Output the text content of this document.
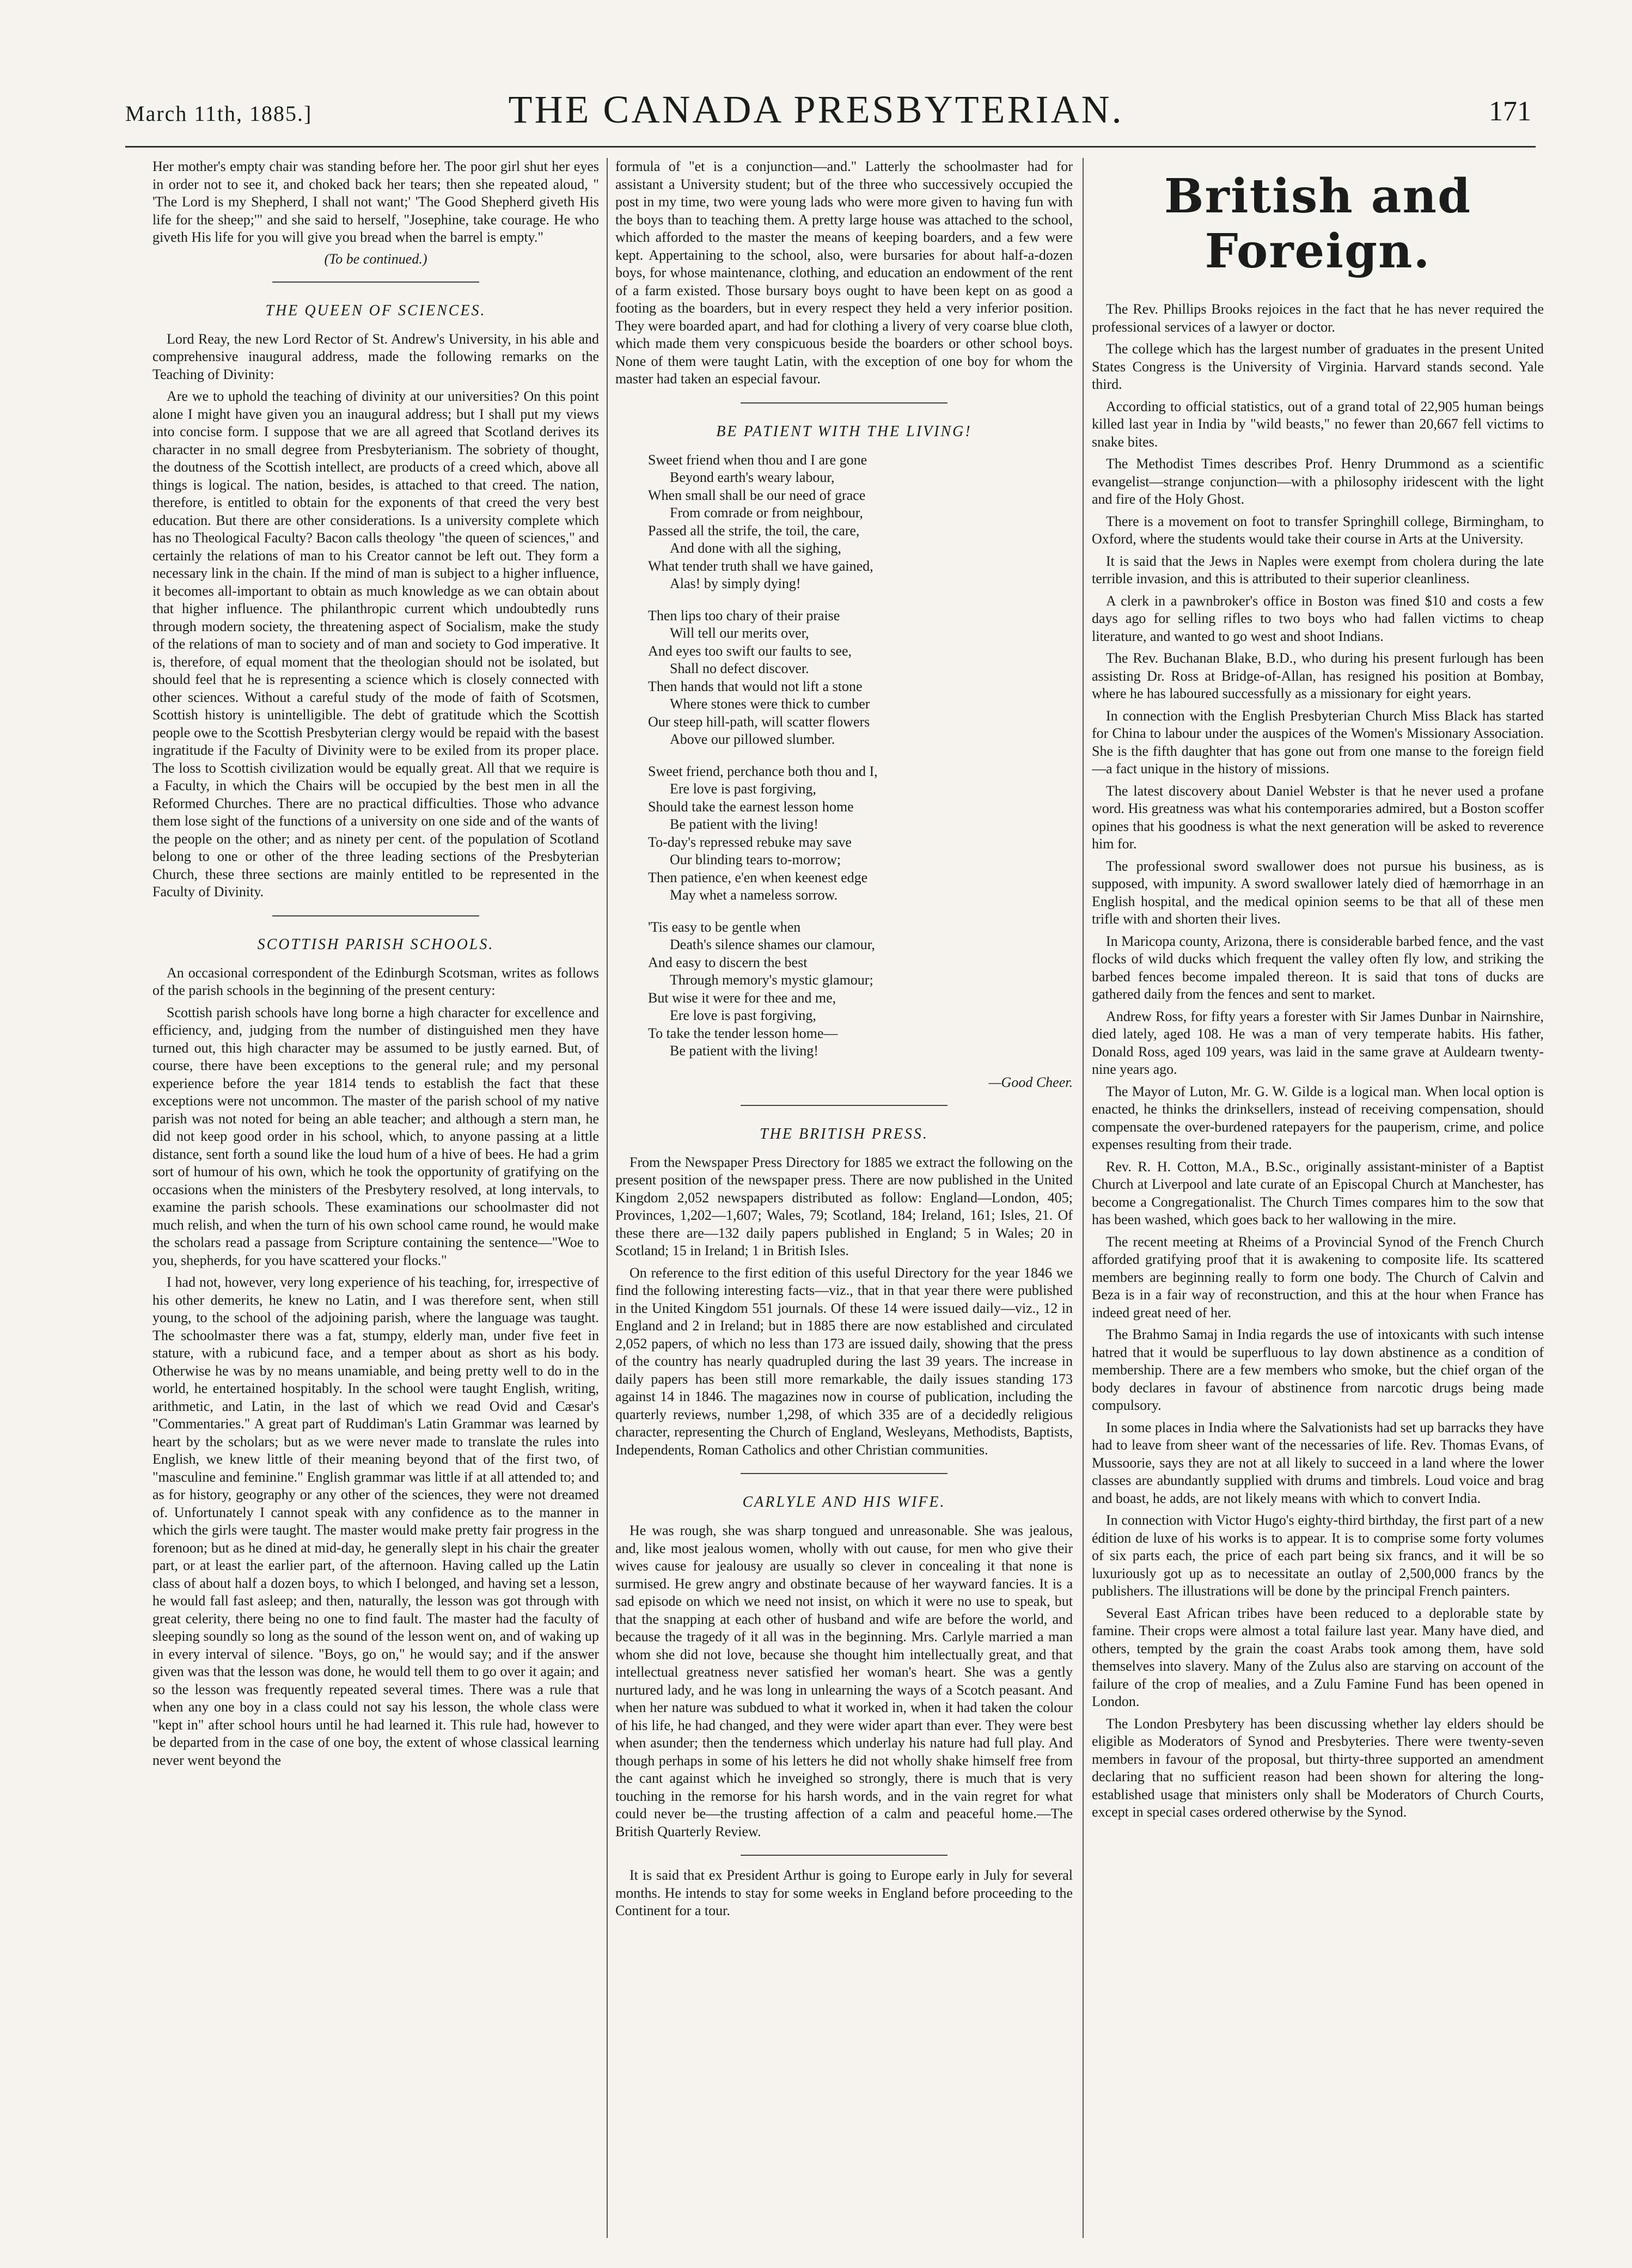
March 11th, 1885.]	THE CANADA PRESBYTERIAN.	171

Her mother's empty chair was standing before her. The poor girl shut her eyes in order not to see it, and choked back her tears; then she repeated aloud, " 'The Lord is my Shepherd, I shall not want;' 'The Good Shepherd giveth His life for the sheep;'" and she said to herself, "Josephine, take courage. He who giveth His life for you will give you bread when the barrel is empty."

(To be continued.)
THE QUEEN OF SCIENCES.

Lord Reay, the new Lord Rector of St. Andrew's University, in his able and comprehensive inaugural address, made the following remarks on the Teaching of Divinity:

Are we to uphold the teaching of divinity at our universities? On this point alone I might have given you an inaugural address; but I shall put my views into concise form. I suppose that we are all agreed that Scotland derives its character in no small degree from Presbyterianism. The sobriety of thought, the doutness of the Scottish intellect, are products of a creed which, above all things is logical. The nation, besides, is attached to that creed. The nation, therefore, is entitled to obtain for the exponents of that creed the very best education. But there are other considerations. Is a university complete which has no Theological Faculty? Bacon calls theology "the queen of sciences," and certainly the relations of man to his Creator cannot be left out. They form a necessary link in the chain. If the mind of man is subject to a higher influence, it becomes all-important to obtain as much knowledge as we can obtain about that higher influence. The philanthropic current which undoubtedly runs through modern society, the threatening aspect of Socialism, make the study of the relations of man to society and of man and society to God imperative. It is, therefore, of equal moment that the theologian should not be isolated, but should feel that he is representing a science which is closely connected with other sciences. Without a careful study of the mode of faith of Scotsmen, Scottish history is unintelligible. The debt of gratitude which the Scottish people owe to the Scottish Presbyterian clergy would be repaid with the basest ingratitude if the Faculty of Divinity were to be exiled from its proper place. The loss to Scottish civilization would be equally great. All that we require is a Faculty, in which the Chairs will be occupied by the best men in all the Reformed Churches. There are no practical difficulties. Those who advance them lose sight of the functions of a university on one side and of the wants of the people on the other; and as ninety per cent. of the population of Scotland belong to one or other of the three leading sections of the Presbyterian Church, these three sections are mainly entitled to be represented in the Faculty of Divinity.

SCOTTISH PARISH SCHOOLS.

An occasional correspondent of the Edinburgh Scotsman, writes as follows of the parish schools in the beginning of the present century:

Scottish parish schools have long borne a high character for excellence and efficiency, and, judging from the number of distinguished men they have turned out, this high character may be assumed to be justly earned. But, of course, there have been exceptions to the general rule; and my personal experience before the year 1814 tends to establish the fact that these exceptions were not uncommon. The master of the parish school of my native parish was not noted for being an able teacher; and although a stern man, he did not keep good order in his school, which, to anyone passing at a little distance, sent forth a sound like the loud hum of a hive of bees. He had a grim sort of humour of his own, which he took the opportunity of gratifying on the occasions when the ministers of the Presbytery resolved, at long intervals, to examine the parish schools. These examinations our schoolmaster did not much relish, and when the turn of his own school came round, he would make the scholars read a passage from Scripture containing the sentence—"Woe to you, shepherds, for you have scattered your flocks."

I had not, however, very long experience of his teaching, for, irrespective of his other demerits, he knew no Latin, and I was therefore sent, when still young, to the school of the adjoining parish, where the language was taught. The schoolmaster there was a fat, stumpy, elderly man, under five feet in stature, with a rubicund face, and a temper about as short as his body. Otherwise he was by no means unamiable, and being pretty well to do in the world, he entertained hospitably. In the school were taught English, writing, arithmetic, and Latin, in the last of which we read Ovid and Cæsar's "Commentaries." A great part of Ruddiman's Latin Grammar was learned by heart by the scholars; but as we were never made to translate the rules into English, we knew little of their meaning beyond that of the first two, of "masculine and feminine." English grammar was little if at all attended to; and as for history, geography or any other of the sciences, they were not dreamed of. Unfortunately I cannot speak with any confidence as to the manner in which the girls were taught. The master would make pretty fair progress in the forenoon; but as he dined at mid-day, he generally slept in his chair the greater part, or at least the earlier part, of the afternoon. Having called up the Latin class of about half a dozen boys, to which I belonged, and having set a lesson, he would fall fast asleep; and then, naturally, the lesson was got through with great celerity, there being no one to find fault. The master had the faculty of sleeping soundly so long as the sound of the lesson went on, and of waking up in every interval of silence. "Boys, go on," he would say; and if the answer given was that the lesson was done, he would tell them to go over it again; and so the lesson was frequently repeated several times. There was a rule that when any one boy in a class could not say his lesson, the whole class were "kept in" after school hours until he had learned it. This rule had, however to be departed from in the case of one boy, the extent of whose classical learning never went beyond the

formula of "et is a conjunction—and." Latterly the schoolmaster had for assistant a University student; but of the three who successively occupied the post in my time, two were young lads who were more given to having fun with the boys than to teaching them. A pretty large house was attached to the school, which afforded to the master the means of keeping boarders, and a few were kept. Appertaining to the school, also, were bursaries for about half-a-dozen boys, for whose maintenance, clothing, and education an endowment of the rent of a farm existed. Those bursary boys ought to have been kept on as good a footing as the boarders, but in every respect they held a very inferior position. They were boarded apart, and had for clothing a livery of very coarse blue cloth, which made them very conspicuous beside the boarders or other school boys. None of them were taught Latin, with the exception of one boy for whom the master had taken an especial favour.

BE PATIENT WITH THE LIVING!
Sweet friend when thou and I are gone
Beyond earth's weary labour,
When small shall be our need of grace
From comrade or from neighbour,
Passed all the strife, the toil, the care,
And done with all the sighing,
What tender truth shall we have gained,
Alas! by simply dying!
Then lips too chary of their praise
Will tell our merits over,
And eyes too swift our faults to see,
Shall no defect discover.
Then hands that would not lift a stone
Where stones were thick to cumber
Our steep hill-path, will scatter flowers
Above our pillowed slumber.
Sweet friend, perchance both thou and I,
Ere love is past forgiving,
Should take the earnest lesson home
Be patient with the living!
To-day's repressed rebuke may save
Our blinding tears to-morrow;
Then patience, e'en when keenest edge
May whet a nameless sorrow.
'Tis easy to be gentle when
Death's silence shames our clamour,
And easy to discern the best
Through memory's mystic glamour;
But wise it were for thee and me,
Ere love is past forgiving,
To take the tender lesson home—
Be patient with the living!
—Good Cheer.
THE BRITISH PRESS.

From the Newspaper Press Directory for 1885 we extract the following on the present position of the newspaper press. There are now published in the United Kingdom 2,052 newspapers distributed as follow: England—London, 405; Provinces, 1,202—1,607; Wales, 79; Scotland, 184; Ireland, 161; Isles, 21. Of these there are—132 daily papers published in England; 5 in Wales; 20 in Scotland; 15 in Ireland; 1 in British Isles.

On reference to the first edition of this useful Directory for the year 1846 we find the following interesting facts—viz., that in that year there were published in the United Kingdom 551 journals. Of these 14 were issued daily—viz., 12 in England and 2 in Ireland; but in 1885 there are now established and circulated 2,052 papers, of which no less than 173 are issued daily, showing that the press of the country has nearly quadrupled during the last 39 years. The increase in daily papers has been still more remarkable, the daily issues standing 173 against 14 in 1846. The magazines now in course of publication, including the quarterly reviews, number 1,298, of which 335 are of a decidedly religious character, representing the Church of England, Wesleyans, Methodists, Baptists, Independents, Roman Catholics and other Christian communities.

CARLYLE AND HIS WIFE.

He was rough, she was sharp tongued and unreasonable. She was jealous, and, like most jealous women, wholly with out cause, for men who give their wives cause for jealousy are usually so clever in concealing it that none is surmised. He grew angry and obstinate because of her wayward fancies. It is a sad episode on which we need not insist, on which it were no use to speak, but that the snapping at each other of husband and wife are before the world, and because the tragedy of it all was in the beginning. Mrs. Carlyle married a man whom she did not love, because she thought him intellectually great, and that intellectual greatness never satisfied her woman's heart. She was a gently nurtured lady, and he was long in unlearning the ways of a Scotch peasant. And when her nature was subdued to what it worked in, when it had taken the colour of his life, he had changed, and they were wider apart than ever. They were best when asunder; then the tenderness which underlay his nature had full play. And though perhaps in some of his letters he did not wholly shake himself free from the cant against which he inveighed so strongly, there is much that is very touching in the remorse for his harsh words, and in the vain regret for what could never be—the trusting affection of a calm and peaceful home.—The British Quarterly Review.

It is said that ex President Arthur is going to Europe early in July for several months. He intends to stay for some weeks in England before proceeding to the Continent for a tour.

British and Foreign.

The Rev. Phillips Brooks rejoices in the fact that he has never required the professional services of a lawyer or doctor.

The college which has the largest number of graduates in the present United States Congress is the University of Virginia. Harvard stands second. Yale third.

According to official statistics, out of a grand total of 22,905 human beings killed last year in India by "wild beasts," no fewer than 20,667 fell victims to snake bites.

The Methodist Times describes Prof. Henry Drummond as a scientific evangelist—strange conjunction—with a philosophy iridescent with the light and fire of the Holy Ghost.

There is a movement on foot to transfer Springhill college, Birmingham, to Oxford, where the students would take their course in Arts at the University.

It is said that the Jews in Naples were exempt from cholera during the late terrible invasion, and this is attributed to their superior cleanliness.

A clerk in a pawnbroker's office in Boston was fined $10 and costs a few days ago for selling rifles to two boys who had fallen victims to cheap literature, and wanted to go west and shoot Indians.

The Rev. Buchanan Blake, B.D., who during his present furlough has been assisting Dr. Ross at Bridge-of-Allan, has resigned his position at Bombay, where he has laboured successfully as a missionary for eight years.

In connection with the English Presbyterian Church Miss Black has started for China to labour under the auspices of the Women's Missionary Association. She is the fifth daughter that has gone out from one manse to the foreign field—a fact unique in the history of missions.

The latest discovery about Daniel Webster is that he never used a profane word. His greatness was what his contemporaries admired, but a Boston scoffer opines that his goodness is what the next generation will be asked to reverence him for.

The professional sword swallower does not pursue his business, as is supposed, with impunity. A sword swallower lately died of hæmorrhage in an English hospital, and the medical opinion seems to be that all of these men trifle with and shorten their lives.

In Maricopa county, Arizona, there is considerable barbed fence, and the vast flocks of wild ducks which frequent the valley often fly low, and striking the barbed fences become impaled thereon. It is said that tons of ducks are gathered daily from the fences and sent to market.

Andrew Ross, for fifty years a forester with Sir James Dunbar in Nairnshire, died lately, aged 108. He was a man of very temperate habits. His father, Donald Ross, aged 109 years, was laid in the same grave at Auldearn twenty-nine years ago.

The Mayor of Luton, Mr. G. W. Gilde is a logical man. When local option is enacted, he thinks the drinksellers, instead of receiving compensation, should compensate the over-burdened ratepayers for the pauperism, crime, and police expenses resulting from their trade.

Rev. R. H. Cotton, M.A., B.Sc., originally assistant-minister of a Baptist Church at Liverpool and late curate of an Episcopal Church at Manchester, has become a Congregationalist. The Church Times compares him to the sow that has been washed, which goes back to her wallowing in the mire.

The recent meeting at Rheims of a Provincial Synod of the French Church afforded gratifying proof that it is awakening to composite life. Its scattered members are beginning really to form one body. The Church of Calvin and Beza is in a fair way of reconstruction, and this at the hour when France has indeed great need of her.

The Brahmo Samaj in India regards the use of intoxicants with such intense hatred that it would be superfluous to lay down abstinence as a condition of membership. There are a few members who smoke, but the chief organ of the body declares in favour of abstinence from narcotic drugs being made compulsory.

In some places in India where the Salvationists had set up barracks they have had to leave from sheer want of the necessaries of life. Rev. Thomas Evans, of Mussoorie, says they are not at all likely to succeed in a land where the lower classes are abundantly supplied with drums and timbrels. Loud voice and brag and boast, he adds, are not likely means with which to convert India.

In connection with Victor Hugo's eighty-third birthday, the first part of a new édition de luxe of his works is to appear. It is to comprise some forty volumes of six parts each, the price of each part being six francs, and it will be so luxuriously got up as to necessitate an outlay of 2,500,000 francs by the publishers. The illustrations will be done by the principal French painters.

Several East African tribes have been reduced to a deplorable state by famine. Their crops were almost a total failure last year. Many have died, and others, tempted by the grain the coast Arabs took among them, have sold themselves into slavery. Many of the Zulus also are starving on account of the failure of the crop of mealies, and a Zulu Famine Fund has been opened in London.

The London Presbytery has been discussing whether lay elders should be eligible as Moderators of Synod and Presbyteries. There were twenty-seven members in favour of the proposal, but thirty-three supported an amendment declaring that no sufficient reason had been shown for altering the long-established usage that ministers only shall be Moderators of Church Courts, except in special cases ordered otherwise by the Synod.
